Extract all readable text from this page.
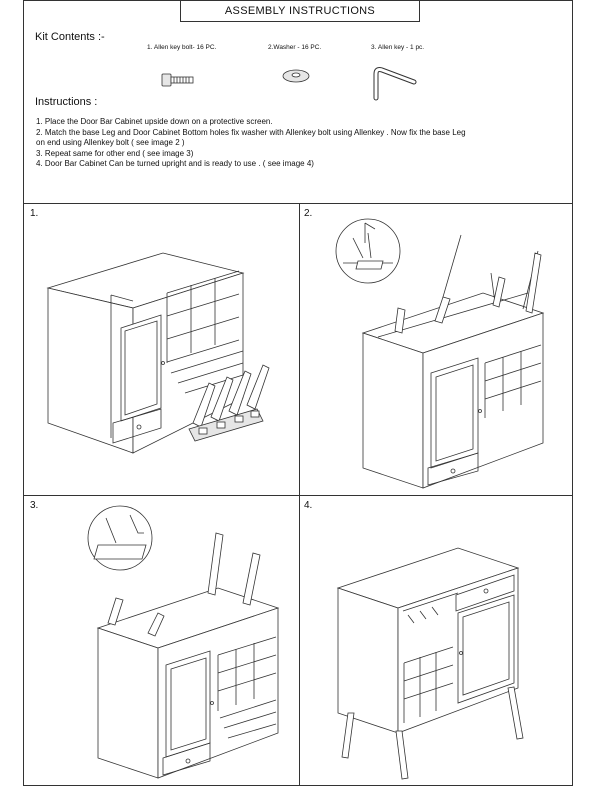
ASSEMBLY INSTRUCTIONS
Kit Contents :-
1. Allen key bolt- 16 PC.	2.Washer - 16 PC.	3. Allen key - 1 pc.
Instructions :
1. Place the Door Bar Cabinet upside down on a protective screen.
2. Match the base Leg and Door Cabinet Bottom holes fix washer with Allenkey bolt using Allenkey . Now fix the base Leg
on end using Allenkey bolt ( see image 2 )
3. Repeat same for other end ( see image 3)
4. Door Bar Cabinet Can be turned upright and is ready to use . ( see image 4)
1.	2.
3.	4.
